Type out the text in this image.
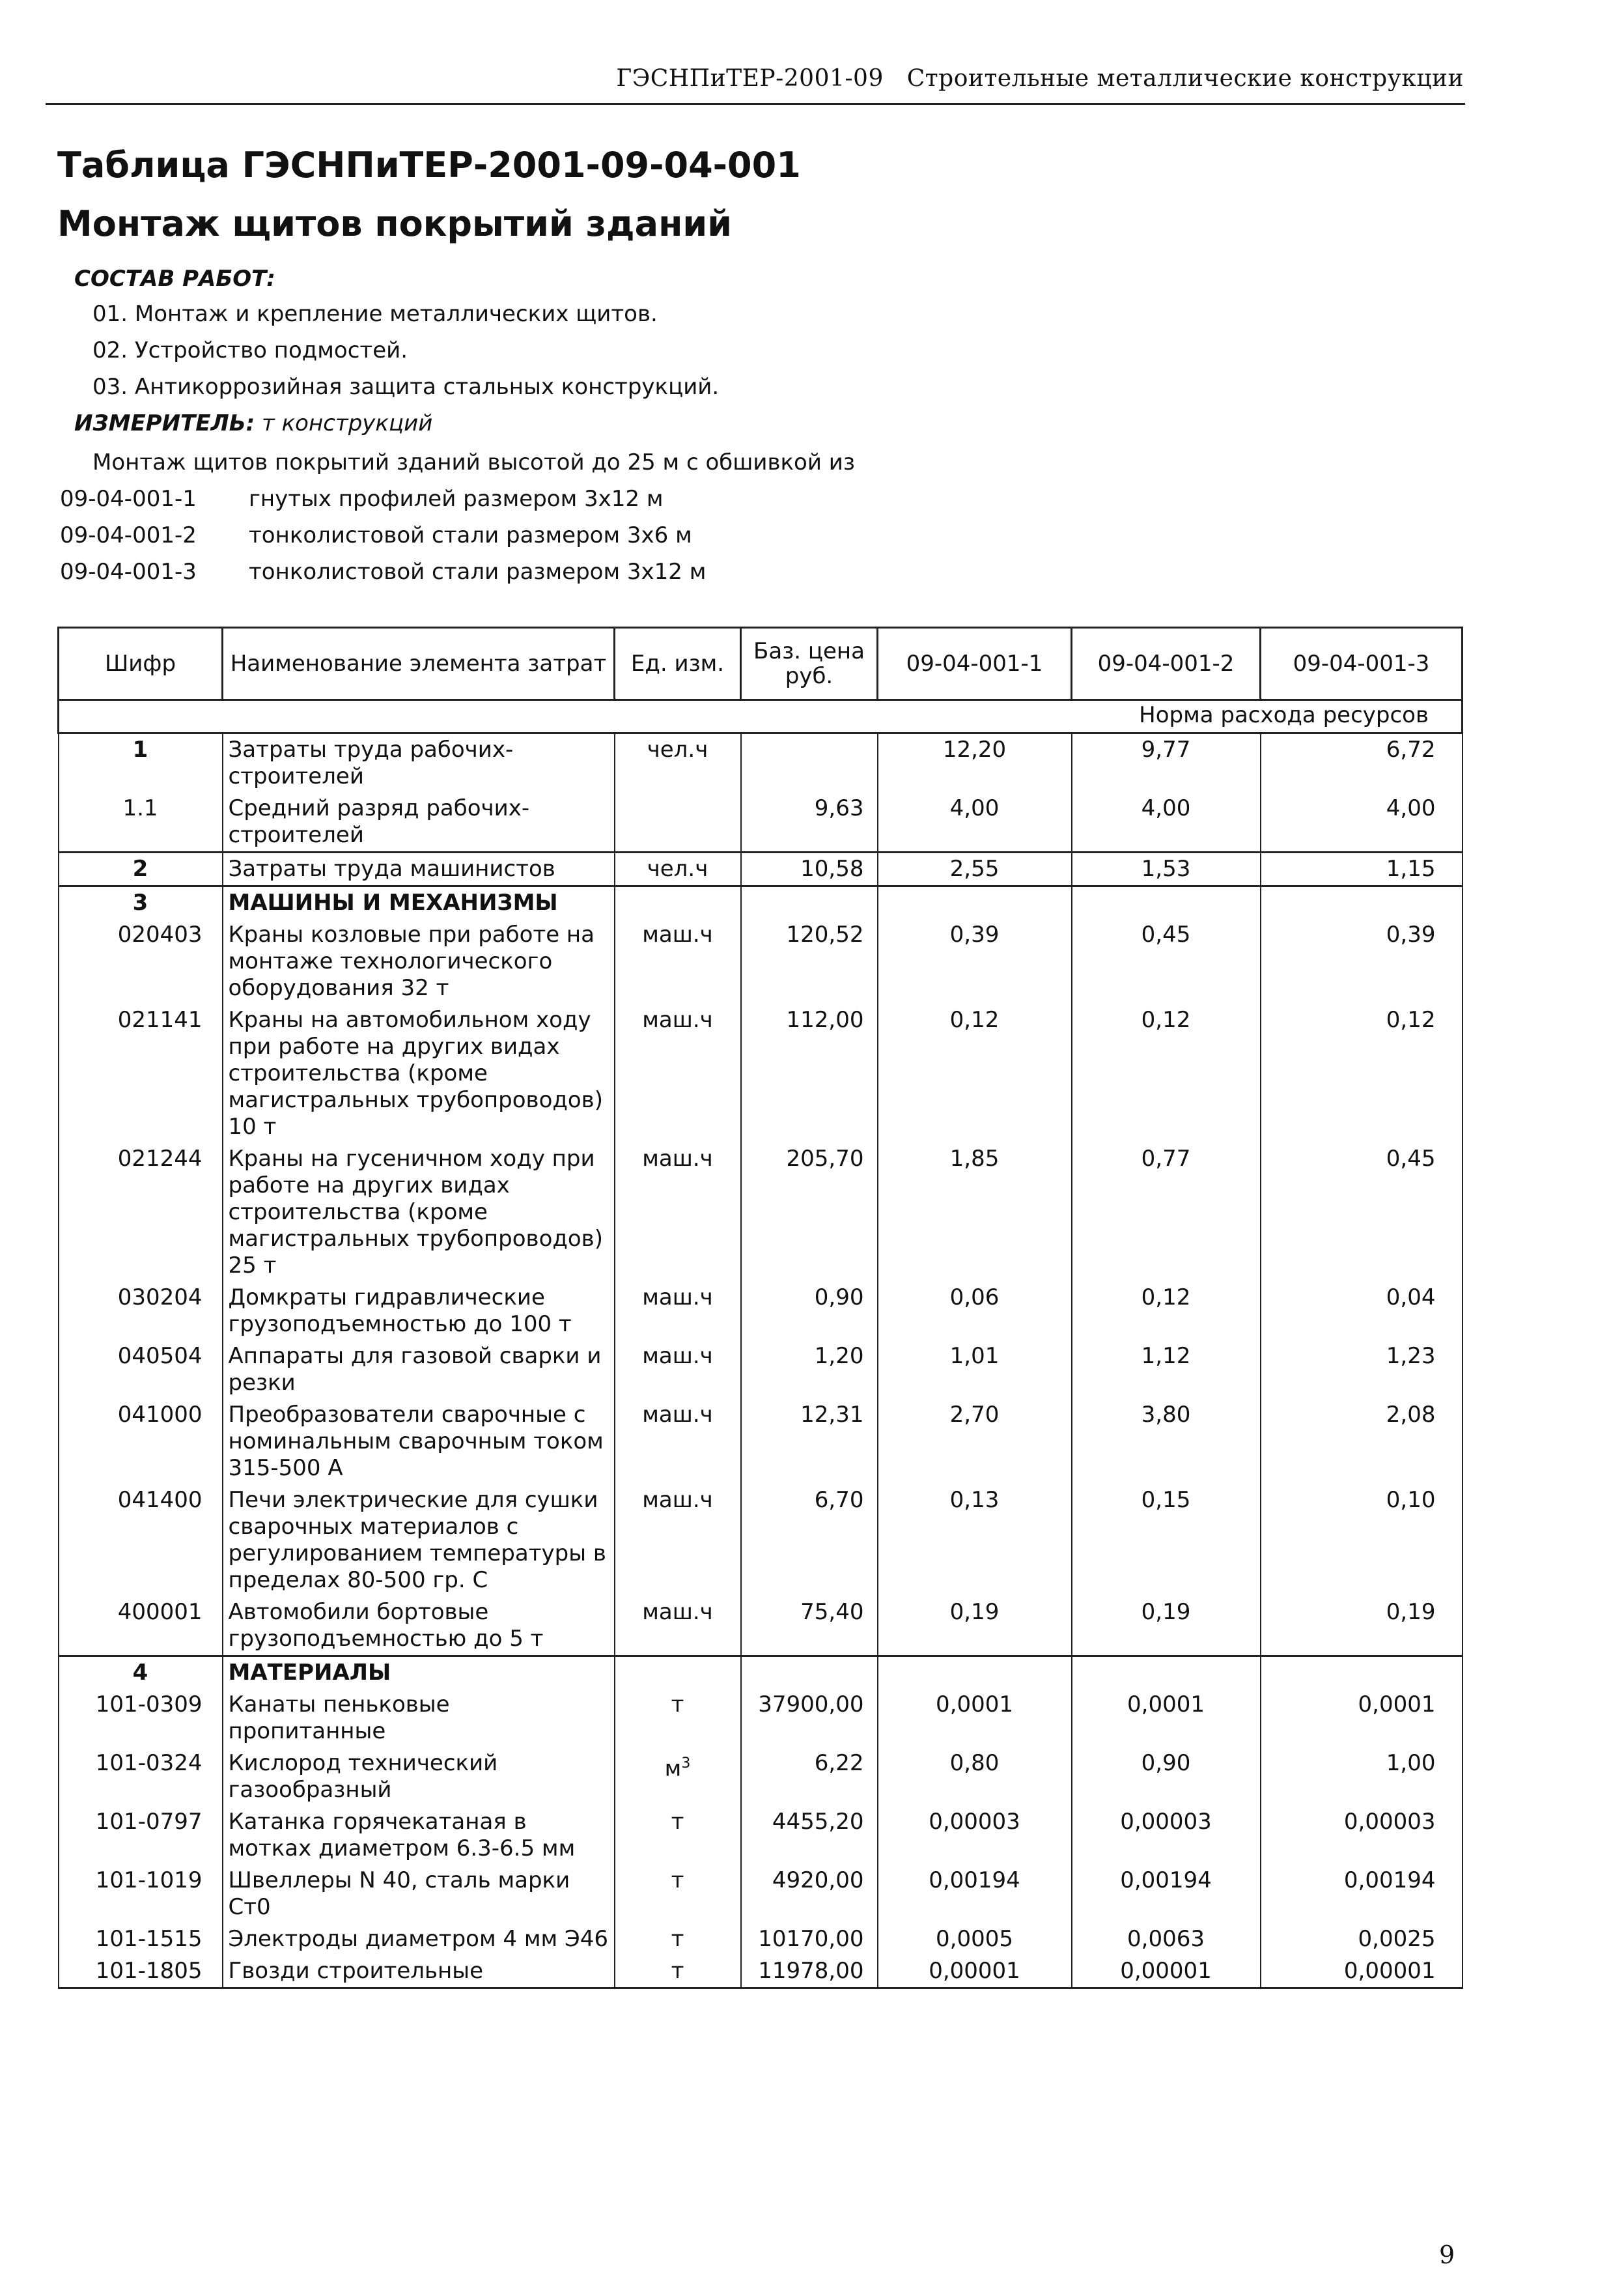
ГЭСНПиТЕР-2001-09 Строительные металлические конструкции
Таблица ГЭСНПиТЕР-2001-09-04-001
Монтаж щитов покрытий зданий
СОСТАВ РАБОТ:
01. Монтаж и крепление металлических щитов.
02. Устройство подмостей.
03. Антикоррозийная защита стальных конструкций.
ИЗМЕРИТЕЛЬ: т конструкций
Монтаж щитов покрытий зданий высотой до 25 м с обшивкой из
09-04-001-1 гнутых профилей размером 3х12 м
09-04-001-2 тонколистовой стали размером 3х6 м
09-04-001-3 тонколистовой стали размером 3х12 м
Шифр	Наименование элемента затрат	Ед. изм.	Баз. цена руб.	09-04-001-1	09-04-001-2	09-04-001-3
Норма расхода ресурсов						
1	Затраты труда рабочих-строителей	чел.ч		12,20	9,77	6,72
1.1	Средний разряд рабочих-строителей		9,63	4,00	4,00	4,00
2	Затраты труда машинистов	чел.ч	10,58	2,55	1,53	1,15
3	МАШИНЫ И МЕХАНИЗМЫ					
020403	Краны козловые при работе на монтаже технологического оборудования 32 т	маш.ч	120,52	0,39	0,45	0,39
021141	Краны на автомобильном ходу при работе на других видах строительства (кроме магистральных трубопроводов) 10 т	маш.ч	112,00	0,12	0,12	0,12
021244	Краны на гусеничном ходу при работе на других видах строительства (кроме магистральных трубопроводов) 25 т	маш.ч	205,70	1,85	0,77	0,45
030204	Домкраты гидравлические грузоподъемностью до 100 т	маш.ч	0,90	0,06	0,12	0,04
040504	Аппараты для газовой сварки и резки	маш.ч	1,20	1,01	1,12	1,23
041000	Преобразователи сварочные с номинальным сварочным током 315-500 А	маш.ч	12,31	2,70	3,80	2,08
041400	Печи электрические для сушки сварочных материалов с регулированием температуры в пределах 80-500 гр. С	маш.ч	6,70	0,13	0,15	0,10
400001	Автомобили бортовые грузоподъемностью до 5 т	маш.ч	75,40	0,19	0,19	0,19
4	МАТЕРИАЛЫ					
101-0309	Канаты пеньковые пропитанные	т	37900,00	0,0001	0,0001	0,0001
101-0324	Кислород технический газообразный	$м^3$	6,22	0,80	0,90	1,00
101-0797	Катанка горячекатаная в мотках диаметром 6.3-6.5 мм	т	4455,20	0,00003	0,00003	0,00003
101-1019	Швеллеры N 40, сталь марки Ст0	т	4920,00	0,00194	0,00194	0,00194
101-1515	Электроды диаметром 4 мм Э46	т	10170,00	0,0005	0,0063	0,0025
101-1805	Гвозди строительные	т	11978,00	0,00001	0,00001	0,00001
9
